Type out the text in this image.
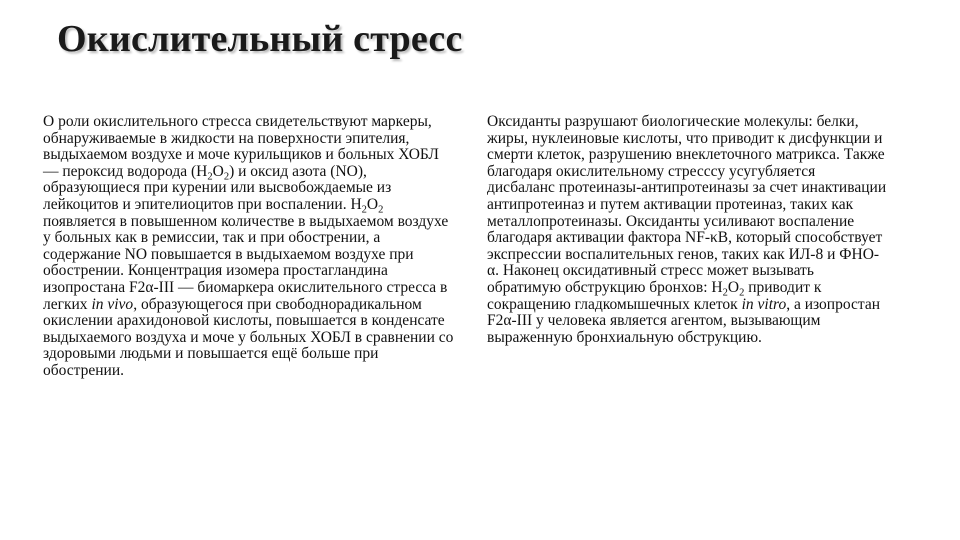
Окислительный стресс

О роли окислительного стресса свидетельствуют маркеры, обнаруживаемые в жидкости на поверхности эпителия, выдыхаемом воздухе и моче курильщиков и больных ХОБЛ — пероксид водорода $(H_2O_2)$ и оксид азота (NO), образующиеся при курении или высвобождаемые из лейкоцитов и эпителиоцитов при воспалении. $H_2O_2$ появляется в повышенном количестве в выдыхаемом воздухе у больных как в ремиссии, так и при обострении, а содержание NO повышается в выдыхаемом воздухе при обострении. Концентрация изомера простагландина изопростана F2α-III — биомаркера окислительного стресса в легких in vivo, образующегося при свободнорадикальном окислении арахидоновой кислоты, повышается в конденсате выдыхаемого воздуха и моче у больных ХОБЛ в сравнении со здоровыми людьми и повышается ещё больше при обострении.

Оксиданты разрушают биологические молекулы: белки, жиры, нуклеиновые кислоты, что приводит к дисфункции и смерти клеток, разрушению внеклеточного матрикса. Также благодаря окислительному стресссу усугубляется дисбаланс протеиназы-антипротеиназы за счет инактивации антипротеиназ и путем активации протеиназ, таких как металлопротеиназы. Оксиданты усиливают воспаление благодаря активации фактора NF-κB, который способствует экспрессии воспалительных генов, таких как ИЛ-8 и ФНО-α. Наконец оксидативный стресс может вызывать обратимую обструкцию бронхов: $H_2O_2$ приводит к сокращению гладкомышечных клеток in vitro, а изопростан F2α-III у человека является агентом, вызывающим выраженную бронхиальную обструкцию.
